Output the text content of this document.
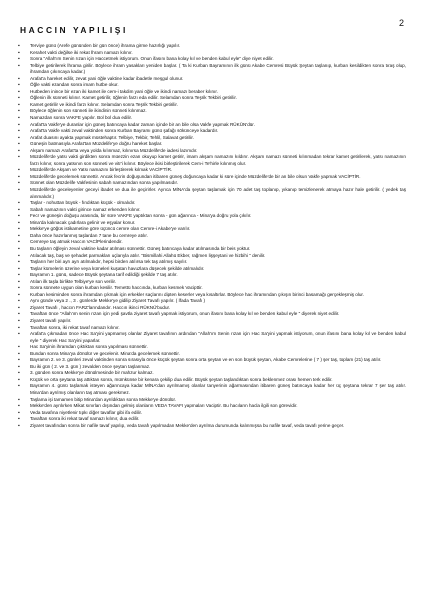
2
HACCIN YAPILIŞI
▪ Terviye günü (Arefe gününden bir gün önce) ihrama girme hazırlığı yapılır.
▪ Kerahet vakti değilse iki rekat İhram namazı kılınır.
▪ Sonra "Allah'ım Senin rızan için Haccetmek istiyorum. Onun ifasını bana kolay kıl ve benden kabul eyle" diye niyet edilir.
▪ Telbiye getirilerek İhrama girilir. Böylece ihram yasakları yeniden başlar. ( Ta ki Kurban Bayramının ilk günü Akabe Cemresi Büyük Şeytan taşlanıp, kurban kesildikten sonra tıraş olup, ihramdan çıkıncaya kadar.)
▪ Arafat'a hareket edilir, zevat yani öğle vaktine kadar ibadetle meşgul olunur.
▪ Öğle vakti ezandan sonra imam hutbe okur.
▪ Hutbeden inince bir ezan iki kamet ile cem-i takdim yani öğle ve ikindi namazı beraber kılınır.
▪ Öğlenin ilk sünneti kılınır. Kamet getirilir, öğlenin farzı eda edilir. Selamdan sonra Teşrik Tekbiri getirilir.
▪ Kamet getirilir ve ikindi farzı kılınır. Selamdan sonra Teşrik Tekbiri getirilir.
▪ Böylece öğlenin son sünneti ile ikindinin sünneti kılınmaz.
▪ Namazdan sonra VAKFE yapılır. Bol bol dua edilir.
▪ Arafat'ta Vakfe'ye duranlar için güneş batıncaya kadar zaman içinde bir an bile olsa Vakfe yapmak RÜKÜN'dür.
▪ Arafat'ta Vakfe vakti zeval vaktinden sonra Kurban Bayramı günü şafağı sökünceye kadardır.
▪ Arafat duasını ayakta yapmak müstehaptır. Telbiye, Tekbir, Tehlil, Salavat getirilir.
▪ Güneşin batmasıyla Arafat'tan Müzdelife'ye doğru hareket başlar.
▪ Akşam namazı Arafat'ta veya yolda kılınmaz, kılınırsa Müzdelife'de iadesi lazımdır.
▪ Müzdelife'de yatsı vakti girdikten sonra müezzin ezan okuyup kamet getirir, imam akşam namazını kıldırır. Akşam namazı sünneti kılınmadan tekrar kamet getirilerek, yatsı namazının farzı kılınır, sonra yatsının son sünneti ve vitr'i kılınır. Böylece ikisi birleştirilerek Cem-i Te'hirle kılınmış olur.
▪ Müzdelife'de Akşam ve Yatsı namazını birleştirerek kılmak VACİP'TİR.
▪ Müzdelife'de gecelemek sünnettir. Ancak fecrin doğuşundan itibaren güneş doğuncaya kadar ki süre içinde Müzdelife'de bir an bile olsun Vakfe yapmak VACİPTİR.
▪ Sünnet olan Müzdelife Vakfesinin sabah namazından sonra yapılmasıdır.
▪ Müzdelife'de geceleyenler geceyi ibadet ve dua ile geçirirler. Ayrıca MİNA'da şeytan taşlamak için 70 adet taş toplanıp, yıkanıp temizlenerek atmaya hazır hale getirilir. ( yedek taş alınmalıdır.)
▪ Taşlar - nohuttan büyük - fındıktan küçük - olmalıdır.
▪ Sabah namazının vakti girince namaz erkenden kılınır.
▪ Fecr ve güneşin doğuşu arasında, bir süre VAKFE yaptıktan sonra - gün ağarınca - Mina'ya doğru yola çıkılır.
▪ Mina'da kalınacak çadırlara gelinir ve eşyalar konur.
▪ Mekke'ye göğüs istikametine göre üçüncü cemre olan Cemre-i Akabe'ye varılır.
▪ Daha önce hazırlanmış taşlardan 7 tane bu cemreye atılır.
▪ Cemreye taş atmak Haccın VACİPlerindendir.
▪ Bu taşların öğleyin zeval vaktine kadar atılması sünnettir. Güneş batıncaya kadar atılmasında bir beis yoktur.
▪ Atılacak taş, baş ve şehadet parmakları uçlarıyla atılır. "Bismillahi Allahü Ekber, rağmen lişşeytani ve hizbihi " denilir.
▪ Taşların her biri ayrı ayrı atılmalıdır, hepsi birden atılırsa tek taş atılmış sayılır.
▪ Taşlar kümelerin üzerine veya kümeleri kuşatan havuzlara düşecek şekilde atılmalıdır.
▪ Bayramın 1. günü, sadece Büyük şeytana tarif edildiği şekilde 7 taş atılır.
▪ Atılan ilk taşla birlikte Telbiye'ye son verilir.
▪ Sonra sünnete uygun olan kurban kesilir. Temettü haccında, kurban kesmek Vacipttir.
▪ Kurban kesiminden sonra ihramdan çıkmak için erkekler saçlarını dipten keserler veya kısaltırlar. Böylece hac ihramından çıkışın birinci basamağı gerçekleşmiş olur.
▪ Aynı günde veya 2 ., 3 . günlerde Mekke'ye gidilip Ziyaret Tavafı yapılır. ( İfada Tavafı )
▪ Ziyaret Tavafı , haccın FARZ'larındandır. Haccın ikinci RÜKNÜ'budur.
▪ Tavaftan önce "Allah'ım senin rızan için yedi şavtla ziyaret tavafı yapmak istiyorum, onun ifasını bana kolay kıl ve benden kabul eyle " diyerek niyet edilir.
▪ Ziyaret tavafı yapılır.
▪ Tavaftan sonra, iki rekat tavaf namazı kılınır.
▪ Arafat'a çıkmadan önce Hac Sa'yini yapmamış olanlar Ziyaret tavafının ardından "Allah'ım Senin rızan için Hac Sa'yini yapmak istiyorum, onun ifasını bana kolay kıl ve benden kabul eyle " diyerek Hac Sa'yini yaparlar.
▪ Hac Sa'yinin ihramdan çıktıktan sonra yapılması sünnettir.
▪ Bundan sonra Mina'ya dönülür ve gecelenir. Mina'da gecelemek sünnettir.
▪ Bayramın 2. ve 3. günleri zeval vaktinden sonra sırasıyla önce küçük şeytan sonra orta şeytan ve en son büyük şeytan, Akabe Cemrelerine ( 7 ) şer taş, toplam (21) taş atılır.
▪ Bu iki gün ( 2. ve 3. gün ) zevalden önce şeytan taşlanmaz.
▪ 3. günden sonra Mekke'ye dönülmesinde bir mahzur kalmaz.
▪ Küçük ve orta şeytana taş attıktan sonra, mümkünse bir kenara çekilip dua edilir. Büyük şeytan taşlandıktan sonra beklenmez orası hemen terk edilir.
▪ Bayramın 4. günü taşlamak isteyen ağarıncaya kadar MİNA'dan ayrılmamış olanlar tanyerinin ağarmasından itibaren güneş batıncaya kadar her üç şeytana tekrar 7 şer taş atılır. Mina'dan ayrılmış olanların taş atması gerekmez.
▪ Taşlama işi tamamen bitip Mina'dan ayrıldıktan sonra Mekke'ye dönülür.
▪ Mekke'den ayrılırken Mikat sınırları dışından gelmiş olanların VEDA TAVAFI yapmaları Vaciptir. Bu hacıların hacla ilgili son görevidir.
▪ Veda tavafına niyetlenir tıpkı diğer tavaflar gibi ifa edilir.
▪ Tavaftan sonra iki rekat tavaf namazı kılınır, dua edilir.
▪ Ziyaret tavafından sonra bir nafile tavaf yapılıp, veda tavafı yapılmadan Mekke'den ayrılma durumunda kalınmışsa bu nafile tavaf, veda tavafı yerine geçer.
